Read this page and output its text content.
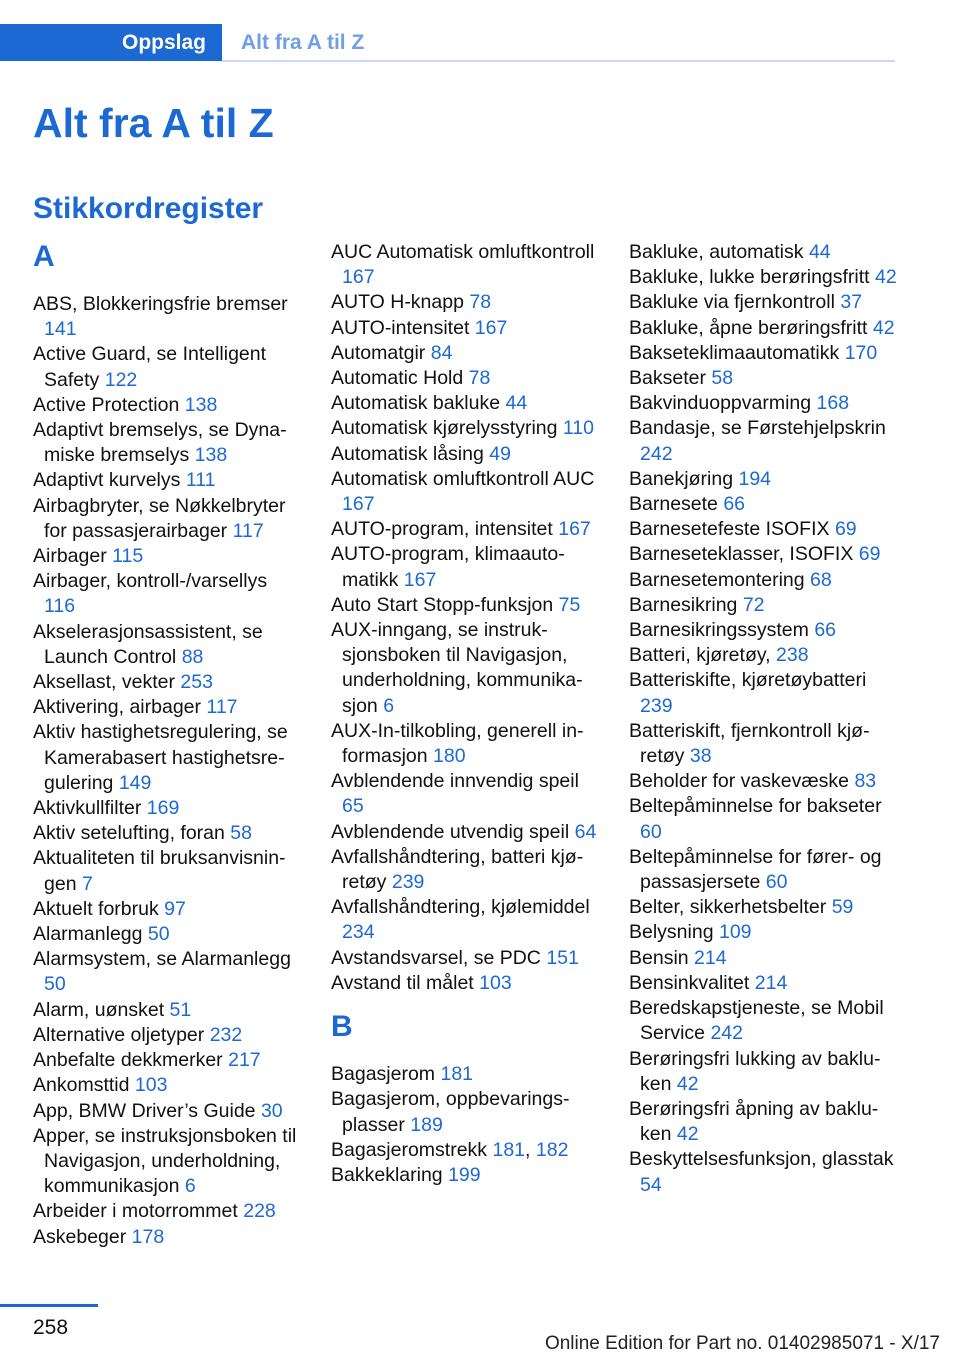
Oppslag Alt fra A til Z
Alt fra A til Z
Stikkordregister
A
ABS, Blokkeringsfrie bremser 141
Active Guard, se Intelligent Safety 122
Active Protection 138
Adaptivt bremselys, se Dynamiske bremselys 138
Adaptivt kurvelys 111
Airbagbryter, se Nøkkelbryter for passasjerairbager 117
Airbager 115
Airbager, kontroll-/varsellys 116
Akselerasjonsassistent, se Launch Control 88
Aksellast, vekter 253
Aktivering, airbager 117
Aktiv hastighetsregulering, se Kamerabasert hastighetsregulering 149
Aktivkullfilter 169
Aktiv setelufting, foran 58
Aktualiteten til bruksanvisningen 7
Aktuelt forbruk 97
Alarmanlegg 50
Alarmsystem, se Alarmanlegg 50
Alarm, uønsket 51
Alternative oljetyper 232
Anbefalte dekkmerker 217
Ankomsttid 103
App, BMW Driver’s Guide 30
Apper, se instruksjonsboken til Navigasjon, underholdning, kommunikasjon 6
Arbeider i motorrommet 228
Askebeger 178
AUC Automatisk omluftkontroll 167
AUTO H-knapp 78
AUTO-intensitet 167
Automatgir 84
Automatic Hold 78
Automatisk bakluke 44
Automatisk kjørelysstyring 110
Automatisk låsing 49
Automatisk omluftkontroll AUC 167
AUTO-program, intensitet 167
AUTO-program, klimaautomatikk 167
Auto Start Stopp-funksjon 75
AUX-inngang, se instruksjonsboken til Navigasjon, underholdning, kommunikasjon 6
AUX-In-tilkobling, generell informasjon 180
Avblendende innvendig speil 65
Avblendende utvendig speil 64
Avfallshåndtering, batteri kjøretøy 239
Avfallshåndtering, kjølemiddel 234
Avstandsvarsel, se PDC 151
Avstand til målet 103
B
Bagasjerom 181
Bagasjerom, oppbevaringsplasser 189
Bagasjeromstrekk 181, 182
Bakkeklaring 199
Bakluke, automatisk 44
Bakluke, lukke berøringsfritt 42
Bakluke via fjernkontroll 37
Bakluke, åpne berøringsfritt 42
Bakseteklimaautomatikk 170
Bakseter 58
Bakvinduoppvarming 168
Bandasje, se Førstehjelpskrin 242
Banekjøring 194
Barnesete 66
Barnesetefeste ISOFIX 69
Barneseteklasser, ISOFIX 69
Barnesetemontering 68
Barnesikring 72
Barnesikringssystem 66
Batteri, kjøretøy, 238
Batteriskifte, kjøretøybatteri 239
Batteriskift, fjernkontroll kjøretøy 38
Beholder for vaskevæske 83
Beltepåminnelse for bakseter 60
Beltepåminnelse for fører- og passasjersete 60
Belter, sikkerhetsbelter 59
Belysning 109
Bensin 214
Bensinkvalitet 214
Beredskapstjeneste, se Mobil Service 242
Berøringsfri lukking av bakluken 42
Berøringsfri åpning av bakluken 42
Beskyttelsesfunksjon, glasstak 54
258
Online Edition for Part no. 01402985071 - X/17
